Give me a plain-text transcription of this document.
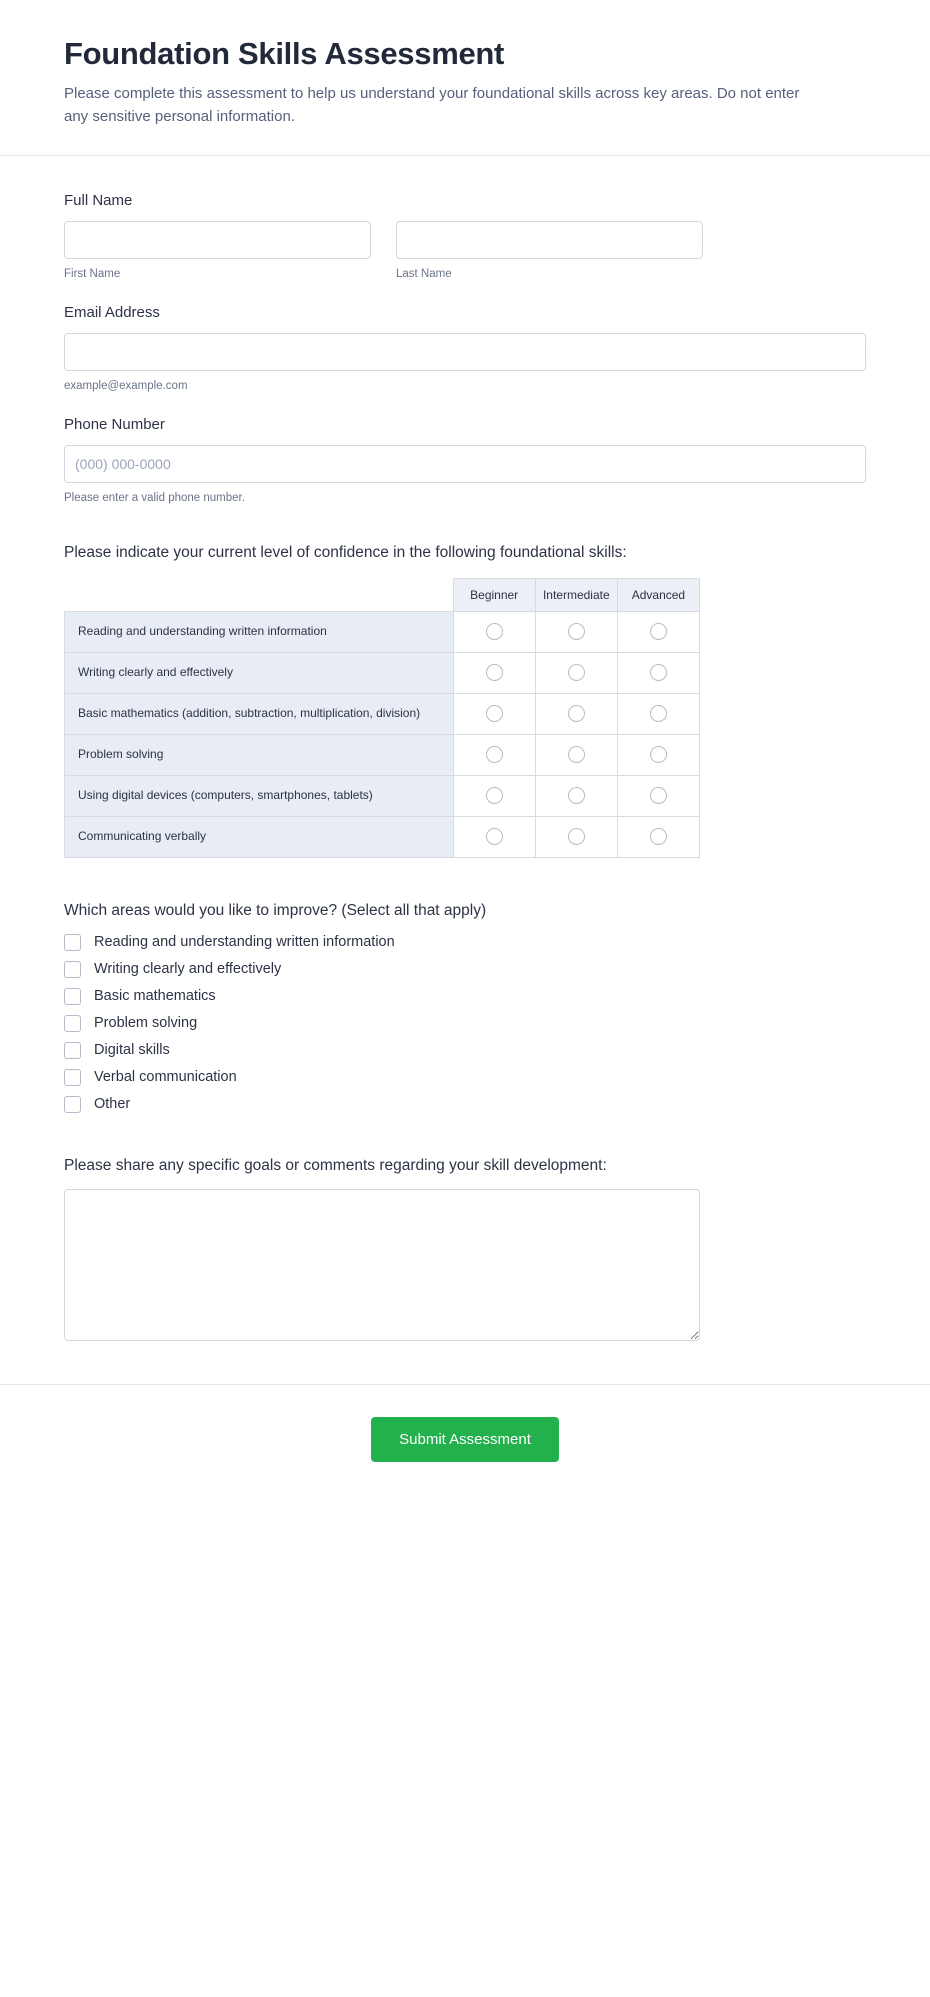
Foundation Skills Assessment

Please complete this assessment to help us understand your foundational skills across key areas. Do not enter any sensitive personal information.

Full Name
First Name	Last Name
Email Address
example@example.com
Phone Number
(000) 000-0000
Please enter a valid phone number.
Please indicate your current level of confidence in the following foundational skills:
	Beginner	Intermediate	Advanced
Reading and understanding written information			
Writing clearly and effectively			
Basic mathematics (addition, subtraction, multiplication, division)			
Problem solving			
Using digital devices (computers, smartphones, tablets)			
Communicating verbally			
Which areas would you like to improve? (Select all that apply)
Reading and understanding written information
Writing clearly and effectively
Basic mathematics
Problem solving
Digital skills
Verbal communication
Other
Please share any specific goals or comments regarding your skill development:
Submit Assessment
